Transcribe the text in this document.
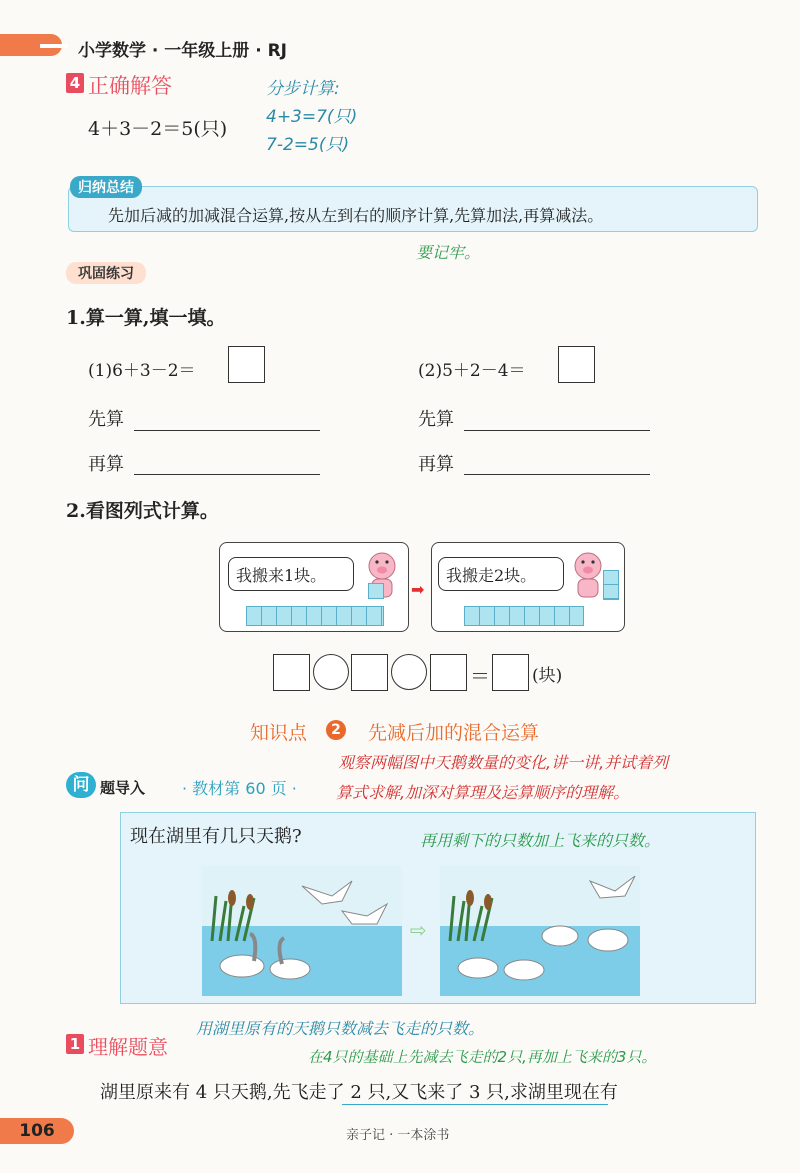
小学数学 · 一年级上册 · RJ
4 正确解答
4＋3－2＝5(只)
分步计算:
4+3=7(只)
7-2=5(只)
归纳总结
先加后减的加减混合运算,按从左到右的顺序计算,先算加法,再算减法。
要记牢。
巩固练习
1.算一算,填一填。
(1)6＋3－2＝	(2)5＋2－4＝
先算	先算
再算	再算
2.看图列式计算。
我搬来1块。
➡
我搬走2块。
＝ (块)
知识点	2 先减后加的混合运算
问 题导入 · 教材第 60 页 ·
观察两幅图中天鹅数量的变化,讲一讲,并试着列
算式求解,加深对算理及运算顺序的理解。
现在湖里有几只天鹅?	再用剩下的只数加上飞来的只数。
⇨
1 理解题意
用湖里原有的天鹅只数减去飞走的只数。
在4只的基础上先减去飞走的2只,再加上飞来的3只。
湖里原来有 4 只天鹅,先飞走了 2 只,又飞来了 3 只,求湖里现在有
106	亲子记 · 一本涂书
